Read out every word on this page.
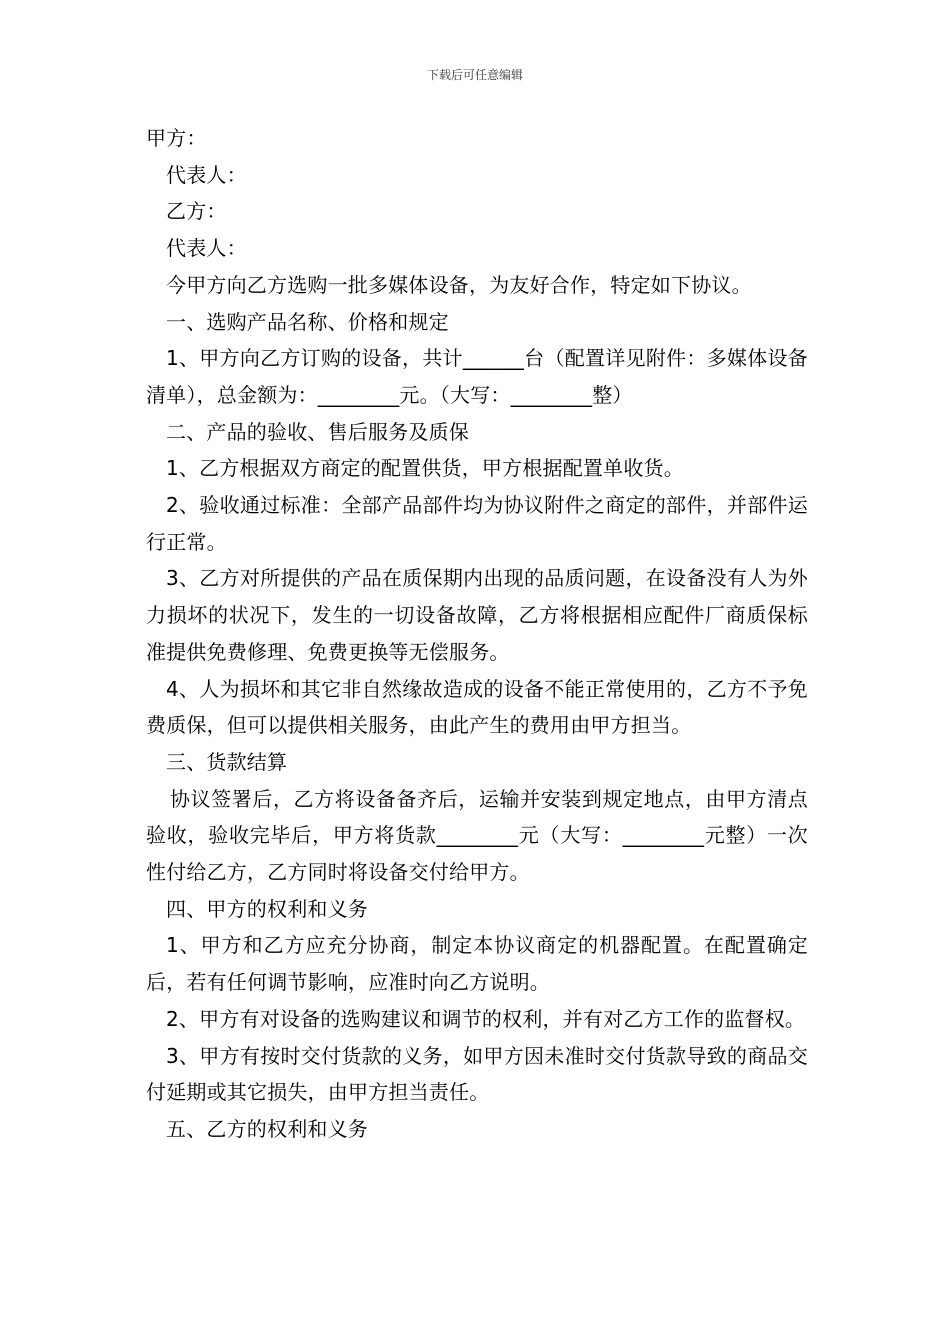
下载后可任意编辑

甲方：

代表人：

乙方：

代表人：

今甲方向乙方选购一批多媒体设备，为友好合作，特定如下协议。

一、选购产品名称、价格和规定

1、甲方向乙方订购的设备，共计______台（配置详见附件：多媒体设备清单），总金额为：________元。（大写：________整）

二、产品的验收、售后服务及质保

1、乙方根据双方商定的配置供货，甲方根据配置单收货。

2、验收通过标准：全部产品部件均为协议附件之商定的部件，并部件运行正常。

3、乙方对所提供的产品在质保期内出现的品质问题，在设备没有人为外力损坏的状况下，发生的一切设备故障，乙方将根据相应配件厂商质保标准提供免费修理、免费更换等无偿服务。

4、人为损坏和其它非自然缘故造成的设备不能正常使用的，乙方不予免费质保，但可以提供相关服务，由此产生的费用由甲方担当。

三、货款结算

协议签署后，乙方将设备备齐后，运输并安装到规定地点，由甲方清点验收，验收完毕后，甲方将货款________元（大写：________元整）一次性付给乙方，乙方同时将设备交付给甲方。

四、甲方的权利和义务

1、甲方和乙方应充分协商，制定本协议商定的机器配置。在配置确定后，若有任何调节影响，应准时向乙方说明。

2、甲方有对设备的选购建议和调节的权利，并有对乙方工作的监督权。

3、甲方有按时交付货款的义务，如甲方因未准时交付货款导致的商品交付延期或其它损失，由甲方担当责任。

五、乙方的权利和义务
